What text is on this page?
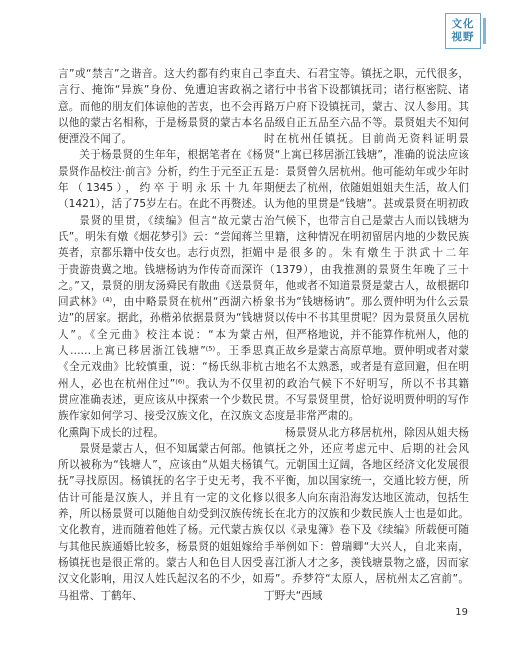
文化
视野

言”或“禁言”之谐音。这大约都有约束自己言行、掩饰“异族”身份、免遭迫害政祸之意。而他的朋友们体谅他的苦衷，也不会再以他的蒙古名相称，于是杨景贤的蒙古本名便湮没不闻了。

关于杨景贤的生年年，根据笔者在《杨景贤作品校注·前言》分析，约生于元至正五年（1345），约卒于明永乐十九年（1421），活了75岁左右。在此不再赘述。

景贤的里贯，《续编》但言“故元蒙古氏”。明朱有燉《烟花梦引》云：“尝闻蒋兰英者，京都乐籍中伎女也。志行贞烈，拒媚于贵游贵冀之地。钱塘杨讷为作传奇而深许之。”又，景贤的朋友汤舜民有散曲《送景贤回武林》⁽⁴⁾，由中略景贤在杭州“西湖六桥边”的居家。据此，孙楷弟依据景贤为“钱塘人”。《全元曲》校注本说：“本为蒙古人……上寓已移居浙江钱塘”⁽⁵⁾。王季思《全元戏曲》比较慎重，说：“杨氏纵非杭州人，必也在杭州住过”⁽⁶⁾。我认为不仅里贯应准确表述，更应该从中探索一个少数民族作家如何学习、接受汉族文化，在汉族文化熏陶下成长的过程。

景贤是蒙古人，但不知属蒙古何部。他所以被称为“钱塘人”，应该由“从姐夫杨镇抚”寻找原因。杨镇抚的名字于史无考，我估计可能是汉族人，并且有一定的文化修养，所以杨景贤可以随他自幼受到汉族传统文化教育，进而随着他姓了杨。元代蒙古族与其他民族通婚比较多，杨景贤的姐姐嫁给杨镇抚也是很正常的。蒙古人和色目人因受汉文化影响，用汉人姓氏起汉名的不少，如马祖常、丁鹤年、

李直夫、石君宝等。镇抚之职，元代很多，诸行中书省下设都镇抚司；诸行枢密院、诸路万户府下设镇抚司，蒙古、汉人参用。其品级自正五品至六品不等。景贤姐夫不知何时在杭州任镇抚。目前尚无资料证明景贤“上寓已移居浙江钱塘”，准确的说法应该是：景贤曾久居杭州。他可能幼年或少年时期便去了杭州，依随姐姐姐夫生活，故人们认为他的里贯是“钱塘”。甚或景贤在明初政治气候下，也带言自己是蒙古人而以钱塘为里籍，这种情况在明初留居内地的少数民族中是很多的。朱有燉生于洪武十二年（1379），由我推测的景贤生年晚了三十年，他或者不知道景贤是蒙古人，故根据印象书为“钱塘杨讷”。那么贾仲明为什么云景贤以传中不书其里贯呢？因为景贤虽久居杭州，但严格地说，并不能算作杭州人，他的真正故乡是蒙古高原草地。贾仲明或者对蒙古地名不太熟悉，或者是有意回避，但在明初的政治气候下不好明写，所以不书其籍贯。不写景贤里贯，恰好说明贾仲明的写作态度是非常严肃的。

杨景贤从北方移居杭州，除因从姐夫杨镇抚之外，还应考虑元中、后期的社会风气。元朝国土辽阔，各地区经济文化发展很不平衡，加以国家统一，交通比较方便，所以很多人向东南沿海发达地区流动，包括生长在北方的汉族和少数民族人士也是如此。仅以《录鬼簿》卷下及《续编》所载便可随手举例如下：曾瑞卿“大兴人，自北来南，喜江浙人才之多，羡钱塘景物之盛，因而家焉”。乔梦符“太原人，居杭州太乙宫前”。丁野夫“西域

19
